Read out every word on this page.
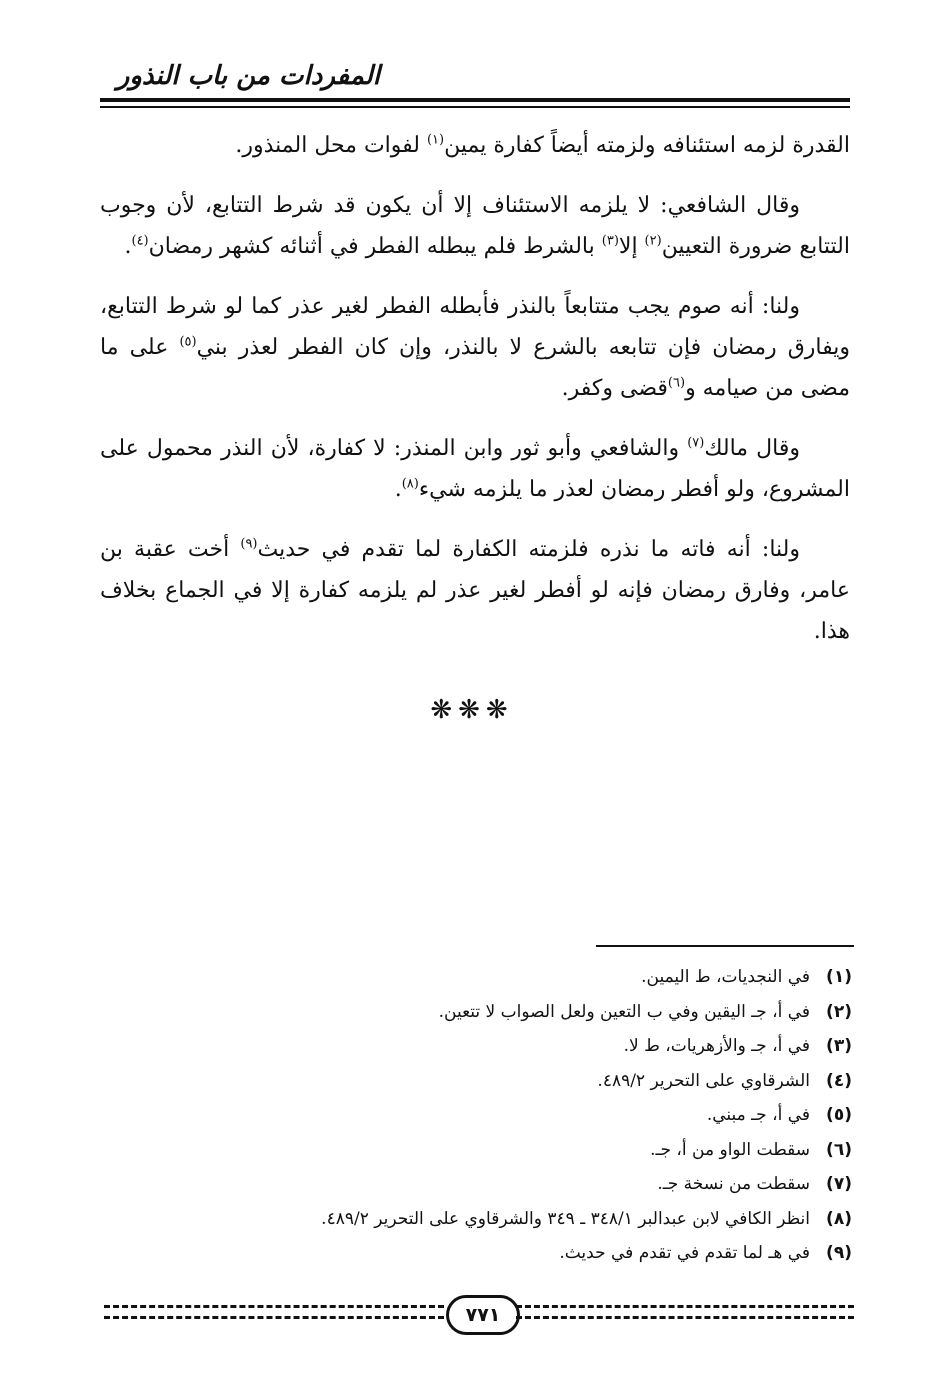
المفردات من باب النذور

القدرة لزمه استئنافه ولزمته أيضاً كفارة يمين$^{(١)}$ لفوات محل المنذور.

وقال الشافعي: لا يلزمه الاستئناف إلا أن يكون قد شرط التتابع، لأن وجوب التتابع ضرورة التعيين$^{(٢)}$ إلا$^{(٣)}$ بالشرط فلم يبطله الفطر في أثنائه كشهر رمضان$^{(٤)}$.

ولنا: أنه صوم يجب متتابعاً بالنذر فأبطله الفطر لغير عذر كما لو شرط التتابع، ويفارق رمضان فإن تتابعه بالشرع لا بالنذر، وإن كان الفطر لعذر بني$^{(٥)}$ على ما مضى من صيامه و$^{(٦)}$قضى وكفر.

وقال مالك$^{(٧)}$ والشافعي وأبو ثور وابن المنذر: لا كفارة، لأن النذر محمول على المشروع، ولو أفطر رمضان لعذر ما يلزمه شيء$^{(٨)}$.

ولنا: أنه فاته ما نذره فلزمته الكفارة لما تقدم في حديث$^{(٩)}$ أخت عقبة بن عامر، وفارق رمضان فإنه لو أفطر لغير عذر لم يلزمه كفارة إلا في الجماع بخلاف هذا.

❋❋❋
(١)في النجديات، ط اليمين.
(٢)في أ، جـ اليقين وفي ب التعين ولعل الصواب لا تتعين.
(٣)في أ، جـ والأزهريات، ط لا.
(٤)الشرقاوي على التحرير ٤٨٩/٢.
(٥)في أ، جـ مبني.
(٦)سقطت الواو من أ، جـ.
(٧)سقطت من نسخة جـ.
(٨)انظر الكافي لابن عبدالبر ٣٤٨/١ ـ ٣٤٩ والشرقاوي على التحرير ٤٨٩/٢.
(٩)في هـ لما تقدم في تقدم في حديث.
٧٧١
